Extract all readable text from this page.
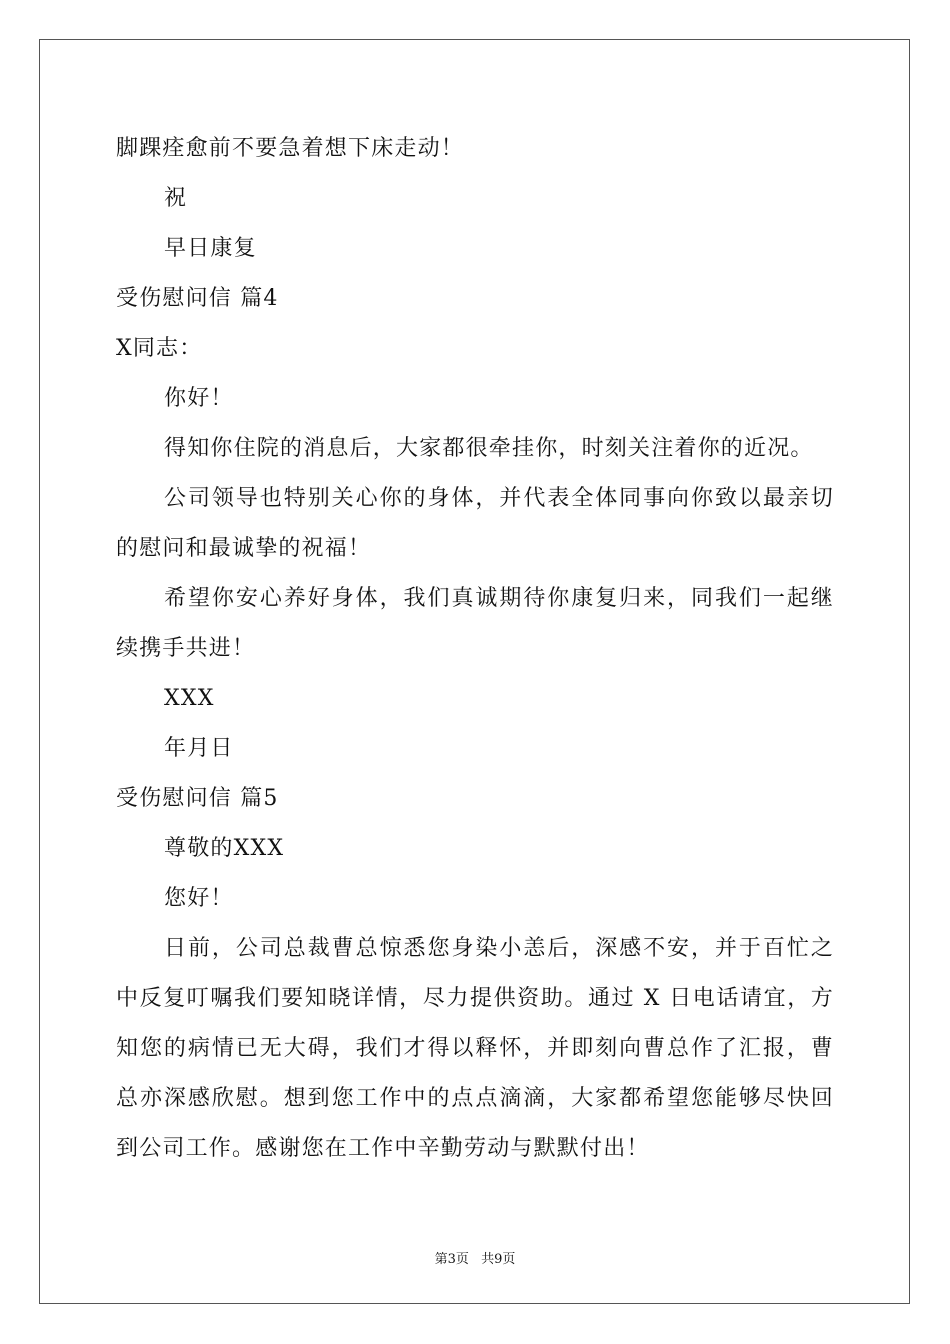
脚踝痊愈前不要急着想下床走动！
祝
早日康复
受伤慰问信 篇4
X同志：
你好！
得知你住院的消息后，大家都很牵挂你，时刻关注着你的近况。
公司领导也特别关心你的身体，并代表全体同事向你致以最亲切的慰问和最诚挚的祝福！
希望你安心养好身体，我们真诚期待你康复归来，同我们一起继续携手共进！
XXX
年月日
受伤慰问信 篇5
尊敬的XXX
您好！
日前，公司总裁曹总惊悉您身染小恙后，深感不安，并于百忙之中反复叮嘱我们要知晓详情，尽力提供资助。通过 X 日电话请宜，方知您的病情已无大碍，我们才得以释怀，并即刻向曹总作了汇报，曹总亦深感欣慰。想到您工作中的点点滴滴，大家都希望您能够尽快回到公司工作。感谢您在工作中辛勤劳动与默默付出！
第3页 共9页
